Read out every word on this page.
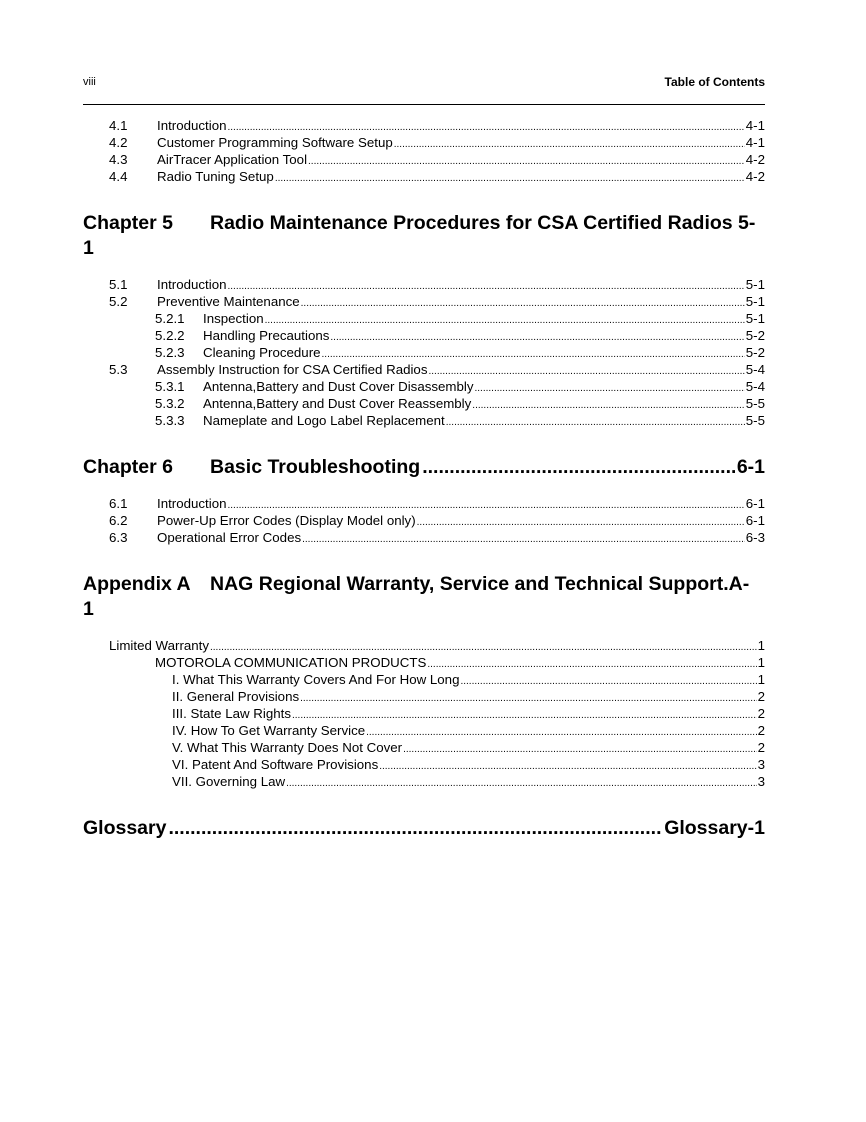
viii	Table of Contents
4.1	Introduction .....	4-1
4.2	Customer Programming Software Setup .....	4-1
4.3	AirTracer Application Tool .....	4-2
4.4	Radio Tuning Setup .....	4-2
Chapter 5 Radio Maintenance Procedures for CSA Certified Radios 5-
1
5.1	Introduction .....	5-1
5.2	Preventive Maintenance .....	5-1
5.2.1	Inspection .....	5-1
5.2.2	Handling Precautions .....	5-2
5.2.3	Cleaning Procedure .....	5-2
5.3	Assembly Instruction for CSA Certified Radios .....	5-4
5.3.1	Antenna,Battery and Dust Cover Disassembly .....	5-4
5.3.2	Antenna,Battery and Dust Cover Reassembly .....	5-5
5.3.3	Nameplate and Logo Label Replacement .....	5-5
Chapter 6	Basic Troubleshooting .....	6-1
6.1	Introduction .....	6-1
6.2	Power-Up Error Codes (Display Model only) .....	6-1
6.3	Operational Error Codes .....	6-3
Appendix A NAG Regional Warranty, Service and Technical Support.A-
1
Limited Warranty .....	1
MOTOROLA COMMUNICATION PRODUCTS .....	1
I. What This Warranty Covers And For How Long .....	1
II. General Provisions .....	2
III. State Law Rights .....	2
IV. How To Get Warranty Service .....	2
V. What This Warranty Does Not Cover .....	2
VI. Patent And Software Provisions .....	3
VII. Governing Law .....	3
Glossary .....	Glossary-1
